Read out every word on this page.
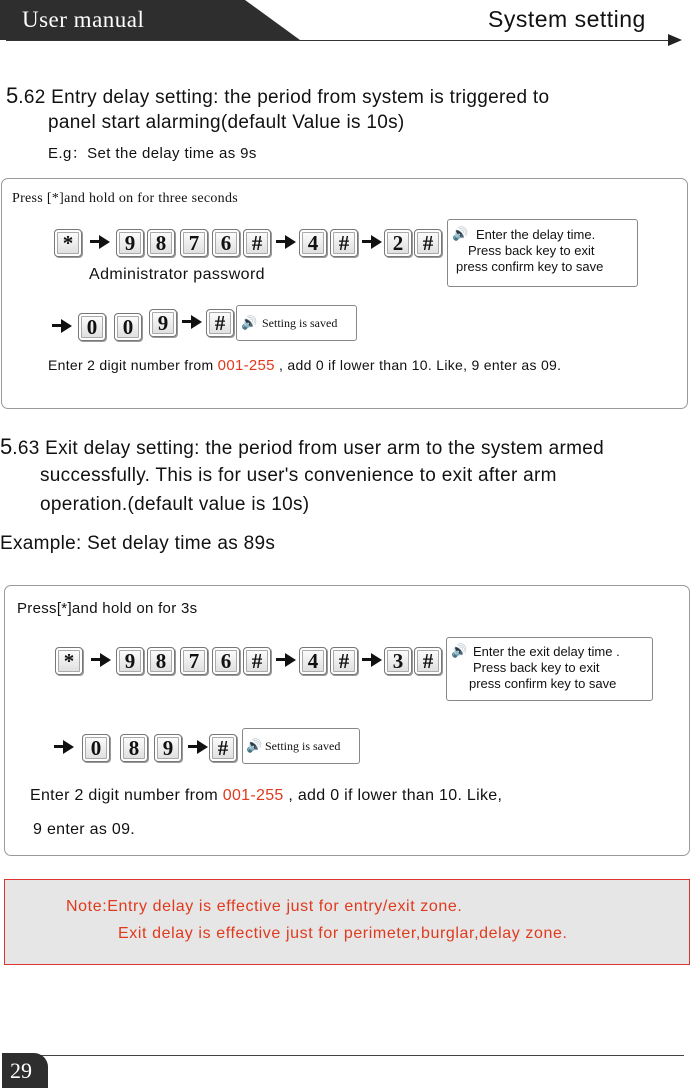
User manual	System setting
5.62 Entry delay setting: the period from system is triggered to
panel start alarming(default Value is 10s)
E.g：Set the delay time as 9s
Press [*]and hold on for three seconds
*	9 8	7	6 #	4 #	2 #	🔊 Enter the delay time.
Press back key to exit
press confirm key to save
Administrator password
0	0	9	#	🔊 Setting is saved
Enter 2 digit number from 001-255 , add 0 if lower than 10. Like, 9 enter as 09.
5.63 Exit delay setting: the period from user arm to the system armed
successfully. This is for user's convenience to exit after arm
operation.(default value is 10s)
Example: Set delay time as 89s
Press[*]and hold on for 3s
*	9 8	7	6 #	4 #	3 #	🔊 Enter the exit delay time .
Press back key to exit
press confirm key to save
0	8	9	#	🔊 Setting is saved
Enter 2 digit number from 001-255 , add 0 if lower than 10. Like,
9 enter as 09.
Note:Entry delay is effective just for entry/exit zone.
Exit delay is effective just for perimeter,burglar,delay zone.
29
